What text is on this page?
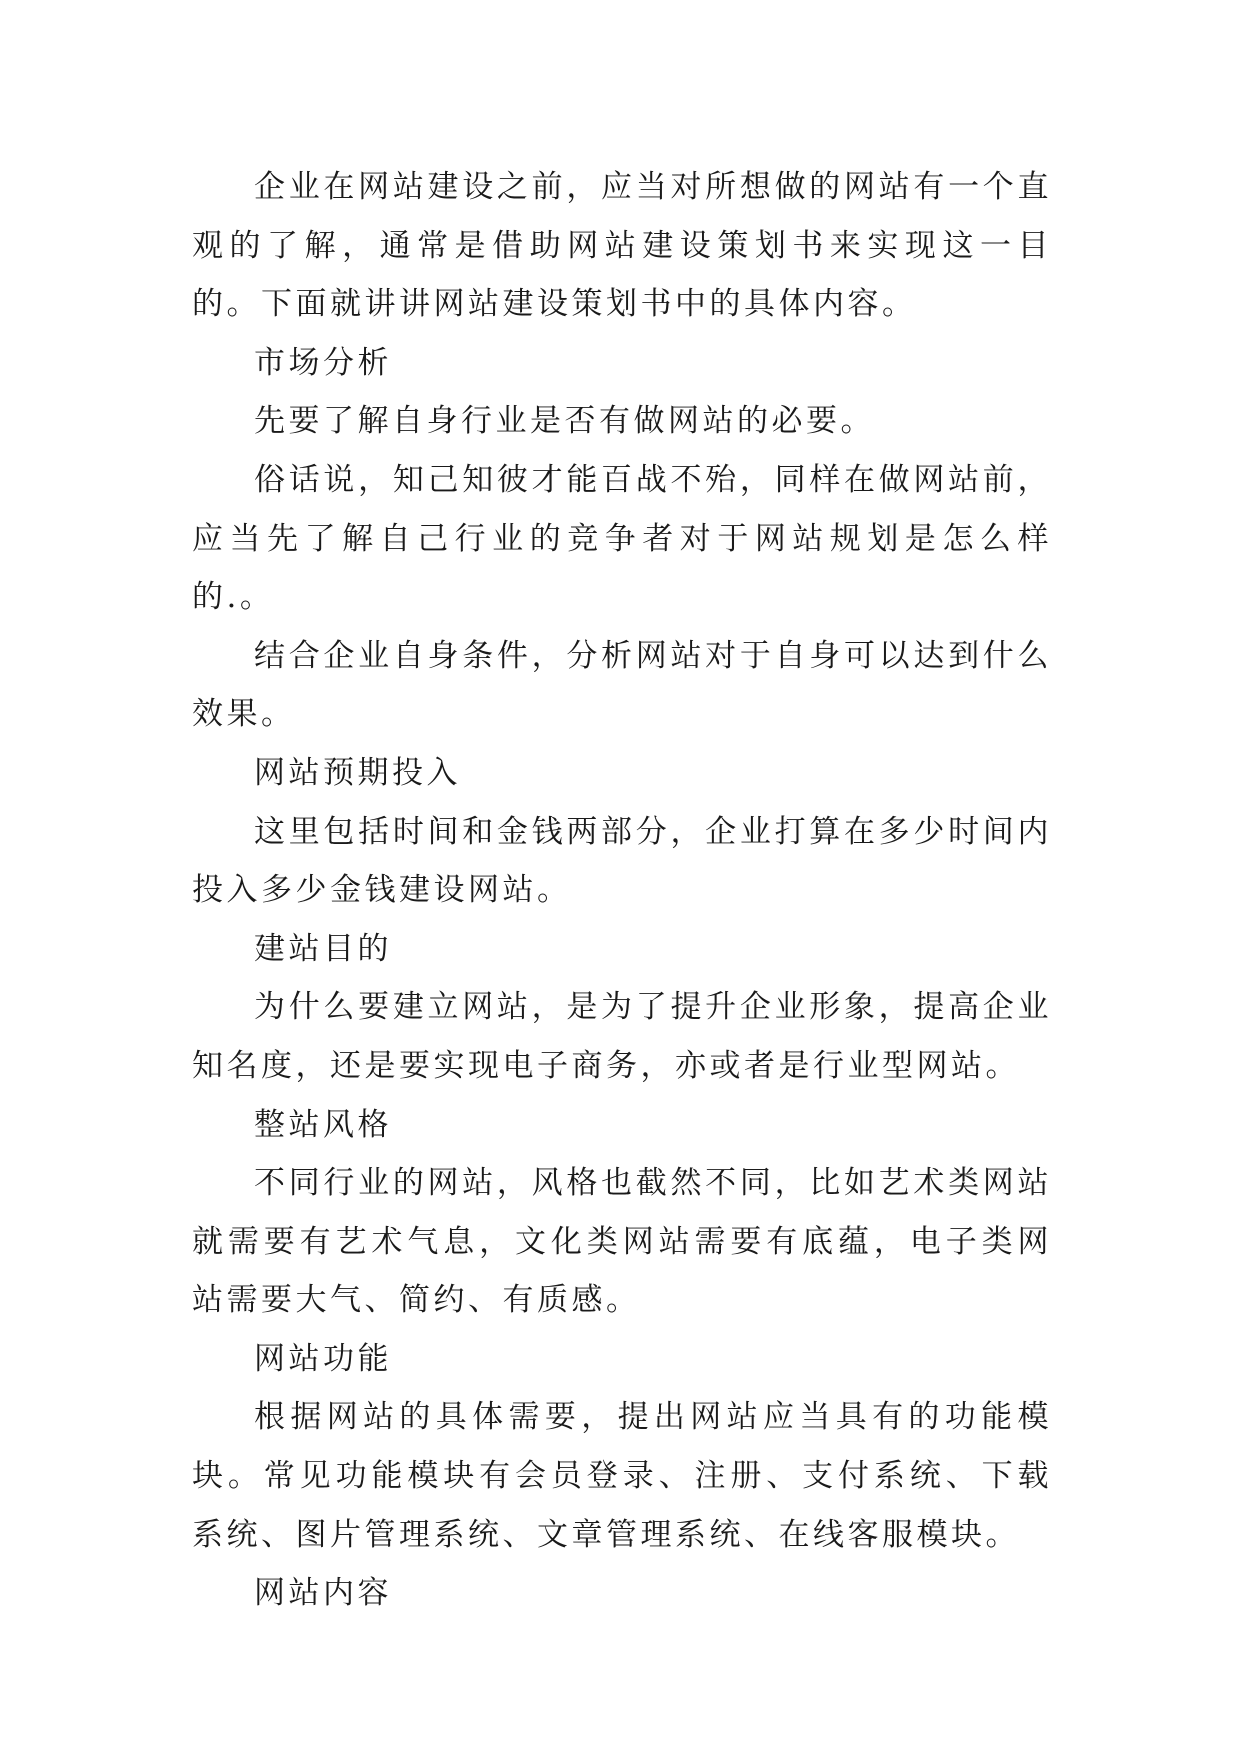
企业在网站建设之前，应当对所想做的网站有一个直观的了解，通常是借助网站建设策划书来实现这一目的。下面就讲讲网站建设策划书中的具体内容。

市场分析

先要了解自身行业是否有做网站的必要。

俗话说，知己知彼才能百战不殆，同样在做网站前，应当先了解自己行业的竞争者对于网站规划是怎么样的.。

结合企业自身条件，分析网站对于自身可以达到什么效果。

网站预期投入

这里包括时间和金钱两部分，企业打算在多少时间内投入多少金钱建设网站。

建站目的

为什么要建立网站，是为了提升企业形象，提高企业知名度，还是要实现电子商务，亦或者是行业型网站。

整站风格

不同行业的网站，风格也截然不同，比如艺术类网站就需要有艺术气息，文化类网站需要有底蕴，电子类网站需要大气、简约、有质感。

网站功能

根据网站的具体需要，提出网站应当具有的功能模块。常见功能模块有会员登录、注册、支付系统、下载系统、图片管理系统、文章管理系统、在线客服模块。

网站内容
